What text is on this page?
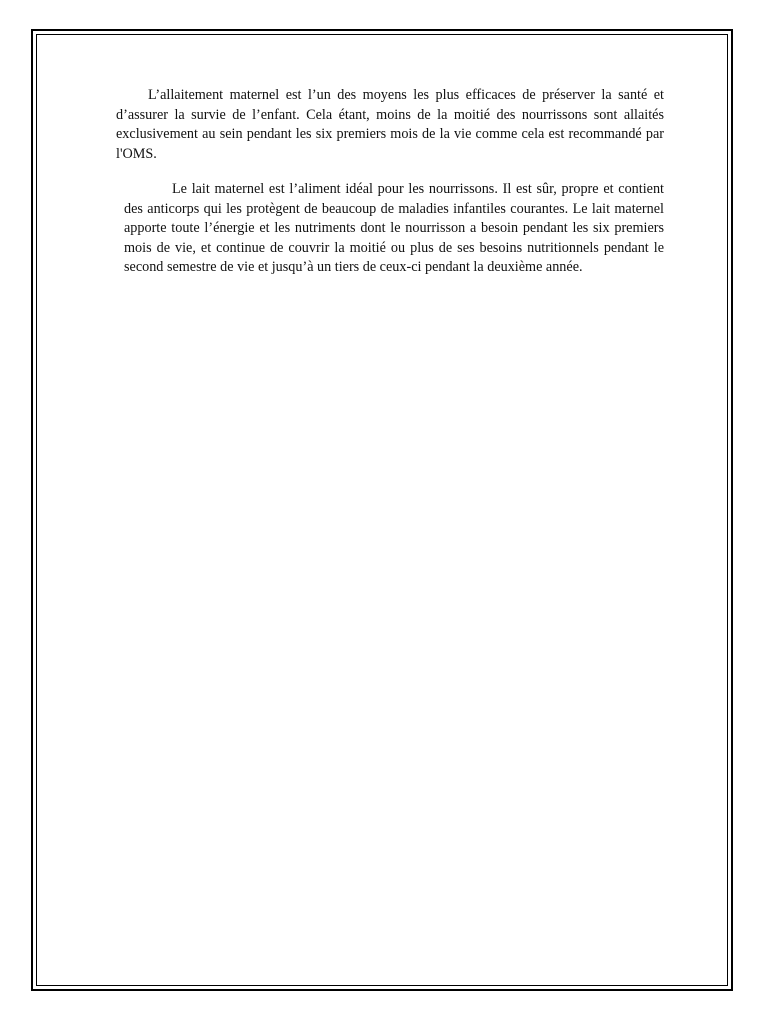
L’allaitement maternel est l’un des moyens les plus efficaces de préserver la santé et d’assurer la survie de l’enfant. Cela étant, moins de la moitié des nourrissons sont allaités exclusivement au sein pendant les six premiers mois de la vie comme cela est recommandé par l'OMS.

Le lait maternel est l’aliment idéal pour les nourrissons. Il est sûr, propre et contient des anticorps qui les protègent de beaucoup de maladies infantiles courantes. Le lait maternel apporte toute l’énergie et les nutriments dont le nourrisson a besoin pendant les six premiers mois de vie, et continue de couvrir la moitié ou plus de ses besoins nutritionnels pendant le second semestre de vie et jusqu’à un tiers de ceux-ci pendant la deuxième année.
